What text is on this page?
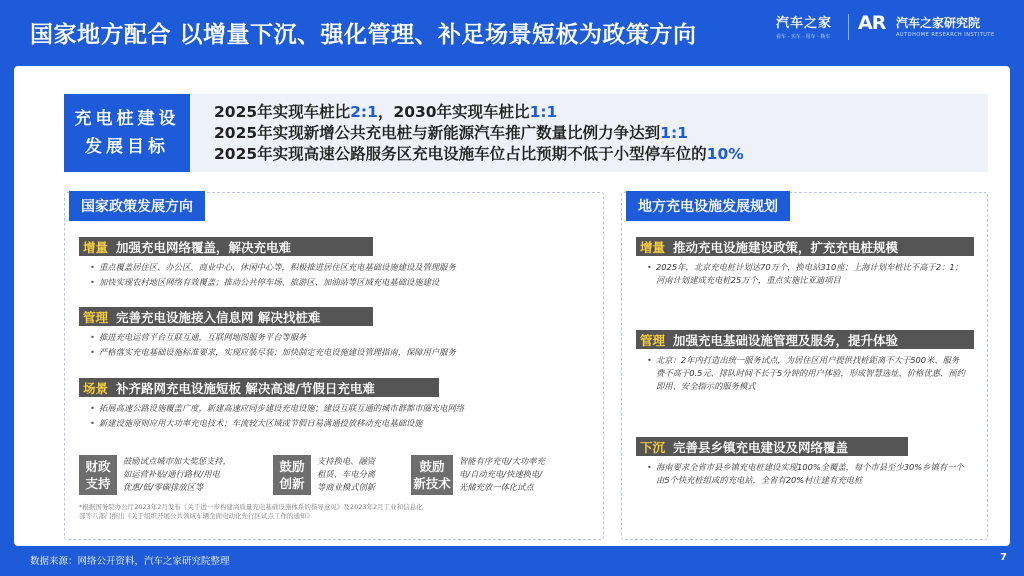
国家地方配合 以增量下沉、强化管理、补足场景短板为政策方向	汽车之家
看车 · 买车 · 用车 · 换车
AR 汽车之家研究院
AUTOHOME RESEARCH INSTITUTE
充电桩建设
发展目标
2025年实现车桩比2:1，2030年实现车桩比1:1
2025年实现新增公共充电桩与新能源汽车推广数量比例力争达到1:1
2025年实现高速公路服务区充电设施车位占比预期不低于小型停车位的10%
国家政策发展方向
增量 加强充电网络覆盖，解决充电难
• 重点覆盖居住区、办公区、商业中心、休闲中心等，积极推进居住区充电基础设施建设及管理服务
• 加快实现农村地区网络有效覆盖；推动公共停车场、旅游区、加油站等区域充电基础设施建设
管理 完善充电设施接入信息网 解决找桩难
• 推进充电运营平台互联互通，互联网地图服务平台等服务
• 严格落实充电基础设施标准要求，实现应装尽装；加快制定充电设施建设管理指南，保障用户服务
场景 补齐路网充电设施短板 解决高速/节假日充电难
• 拓展高速公路设施覆盖广度，新建高速应同步建设充电设施；建设互联互通的城市群都市圈充电网络
• 新建设施原则应用大功率充电技术；车流较大区域或节假日易满通投放移动充电基础设施
财政
支持
鼓励试点城市加大奖惩支持，
如运营补贴/通行路权/用电
优惠/低/零碳排放区等
鼓励
创新
支持换电、融资
租赁、车电分离
等商业模式创新
鼓励
新技术
智能有序充电/大功率充
电/自动充电/快速换电/
光储充放一体化试点
*根据国务院办公厅2023年2月发布《关于进一步构建高质量充电基础设施体系的指导意见》及2023年2月工业和信息化
部等八部门推出《关于组织开展公共领域车辆全面电动化先行区试点工作的通知》
地方充电设施发展规划
增量 推动充电设施建设政策，扩充充电桩规模
• 2025年，北京充电桩计划达70万个，换电站310座；上海计划车桩比不高于2：1；河南计划建成充电桩25万个，重点实施比亚迪项目
管理 加强充电基础设施管理及服务，提升体验
• 北京：2年内打造出统一服务试点，为居住区用户提供找桩距离不大于500米、服务费不高于0.5元、排队时间不长于5分钟的用户体验，形成智慧选址、价格优惠、预约即用、安全指示的服务模式
下沉 完善县乡镇充电建设及网络覆盖
• 海南要求全省市县乡镇充电桩建设实现100%全覆盖，每个市县至少30%乡镇有一个由5个快充桩组成的充电站，全省有20%村庄建有充电桩
数据来源：网络公开资料，汽车之家研究院整理	7
